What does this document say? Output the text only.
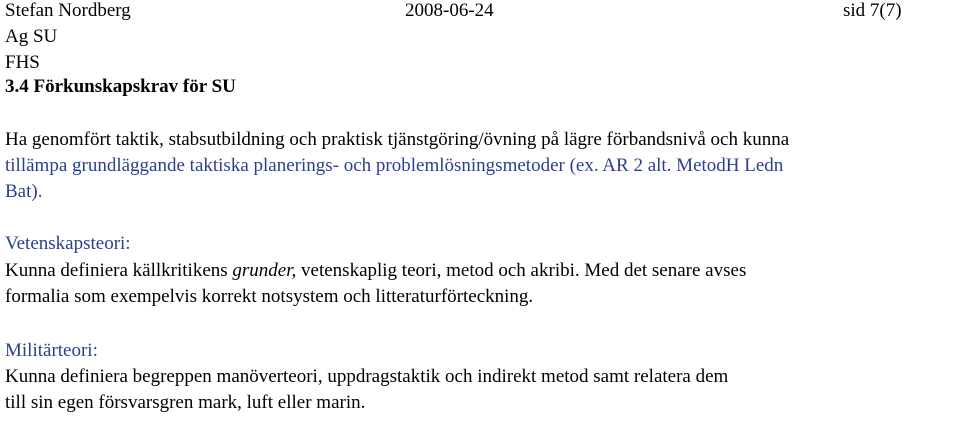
Stefan Nordberg	2008-06-24	sid 7(7)
Ag SU
FHS
3.4 Förkunskapskrav för SU
Ha genomfört taktik, stabsutbildning och praktisk tjänstgöring/övning på lägre förbandsnivå och kunna
tillämpa grundläggande taktiska planerings- och problemlösningsmetoder (ex. AR 2 alt. MetodH Ledn
Bat).
Vetenskapsteori:
Kunna definiera källkritikens grunder, vetenskaplig teori, metod och akribi. Med det senare avses
formalia som exempelvis korrekt notsystem och litteraturförteckning.
Militärteori:
Kunna definiera begreppen manöverteori, uppdragstaktik och indirekt metod samt relatera dem
till sin egen försvarsgren mark, luft eller marin.
